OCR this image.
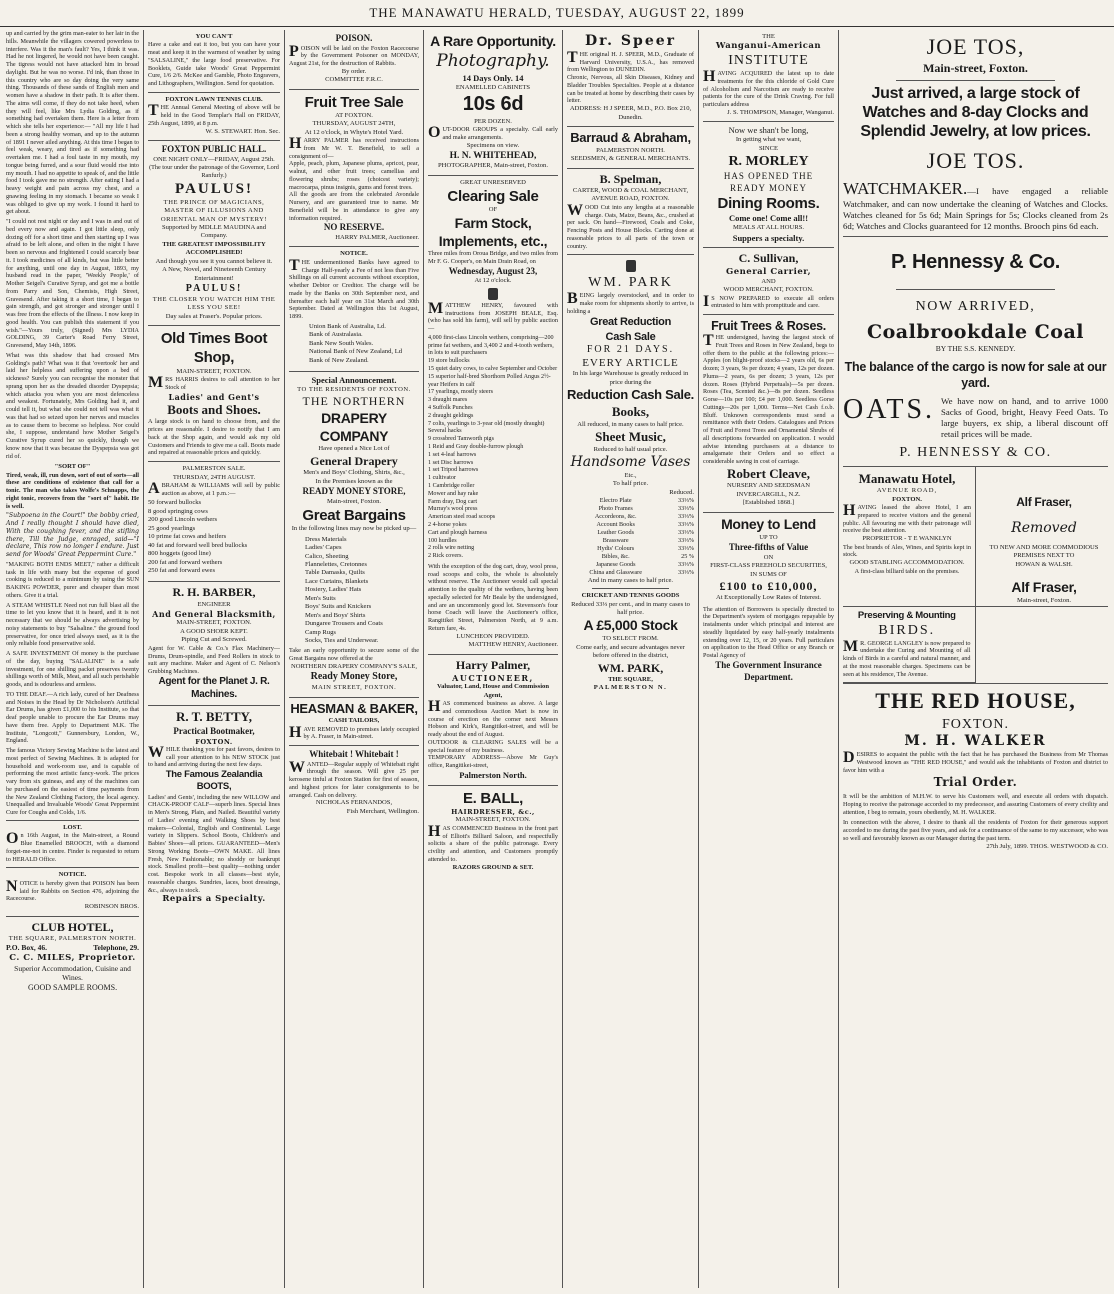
THE MANAWATU HERALD, TUESDAY, AUGUST 22, 1899
up and carried by the grim man-eater to her lair in the hills. Meanwhile the villagers cowered powerless to interfere. Was it the man's fault? Yes, I think it was. Had he not lingered, he would not have been caught. The tigress would not have attacked him in broad daylight. But he was no worse. I'd ink, than those in this country who are so day doing the very same thing. Thousands of these sands of English men and women have a shadow in their path. It is after them. The aims will come, if they do not take heed, when they will feel, like Mrs Lydia Golding, as if something had overtaken them. Here is a letter from which she tells her experience:— "All my life I had been a strong healthy woman, and up to the autumn of 1891 I never ailed anything. At this time I began to feel weak, weary, and tired as if something had overtaken me. I had a foul taste in my mouth, my tongue being furred, and a sour fluid would rise into my mouth. I had no appetite to speak of, and the little food I took gave me no strength. After eating I had a heavy weight and pain across my chest, and a gnawing feeling in my stomach. I became so weak I was obliged to give up my work. I found it hard to get about.
"I could not rest night or day and I was in and out of bed every now and again. I got little sleep, only dozing off for a short time and then starting up I was afraid to be left alone, and often in the night I have been so nervous and frightened I could scarcely bear it. I took medicines of all kinds, but was little better for anything, until one day in August, 1893, my husband read in the paper, 'Weekly People,' of Mother Seigel's Curative Syrup, and got me a bottle from Parry and Son, Chemists, High Street, Gravesend. After taking it a short time, I began to gain strength, and got stronger and stronger until I was free from the effects of the illness. I now keep in good health. You can publish this statement if you wish."—Yours truly, (Signed) Mrs LYDIA GOLDING, 39 Carter's Road Ferry Street, Gravesend, May 14th, 1896.
What was this shadow that had crossed Mrs Golding's path? What was it that 'overtook' her and laid her helpless and suffering upon a bed of sickness? Surely you can recognise the monster that sprang upon her as the dreaded disorder Dyspepsia; which attacks you when you are most defenceless and weakest. Fortunately, Mrs Golding had it, and could tell it, but what she could not tell was what it was that had so seized upon her nerves and muscles as to cause them to become so helpless. Nor could she, I suppose, understand how Mother Seigel's Curative Syrup cured her so quickly, though we know now that it was because the Dyspepsia was got rid of.
"SORT OF"
Tired, weak, ill, run down, sort of out of sorts—all these are conditions of existence that call for a tonic. The man who takes Wolfe's Schnapps, the right tonic, recovers from the "sort of" habit. He is well.
"Subpoena in the Court!" the bobby cried, And I really thought I should have died, With the coughing fever, and the stifling there, Till the Judge, enraged, said—"I declare, This row no longer I endure. Just send for Woods' Great Peppermint Cure."
"MAKING BOTH ENDS MEET," rather a difficult task in life with many but the expense of good cooking is reduced to a minimum by using the SUN BAKING POWDER, purer and cheaper than most others. Give it a trial.
A STEAM WHISTLE Need not run full blast all the time to let you know that it is heard, and it is not necessary that we should be always advertising by noisy statements to buy "Salsaline." the ground food preservative, for once tried always used, as it is the only reliable food preservative sold.
A SAFE INVESTMENT Of money is the purchase of the day, buying "SALALINE" is a safe investment, for one shilling packet preserves twenty shillings worth of Milk, Meat, and all such perishable goods, and is odourless and armless.
TO THE DEAF.—A rich lady, cured of her Deafness and Noises in the Head by Dr Nicholson's Artificial Ear Drums, has given £1,000 to his Institute, so that deaf people unable to procure the Ear Drums may have them free. Apply to Department M.K. The Institute, "Longcott," Gunnersbury, London, W., England.
The famous Victory Sewing Machine is the latest and most perfect of Sewing Machines. It is adapted for household and work-room use, and is capable of performing the most artistic fancy-work. The prices vary from six guineas, and any of the machines can be purchased on the easiest of time payments from the New Zealand Clothing Factory, the local agency. Unequalled and Invaluable Woods' Great Peppermint Cure for Coughs and Colds, 1/6.
LOST.
On 16th August, in the Main-street, a Round Blue Enamelled BROOCH, with a diamond forget-me-not in centre. Finder is requested to return to HERALD Office.
NOTICE.
NOTICE is hereby given that POISON has been laid for Rabbits on Section 476, adjoining the Racecourse.
ROBINSON BROS.
CLUB HOTEL,
THE SQUARE, PALMERSTON NORTH.
P.O. Box, 46.	Telephone, 29.
C. C. MILES, Proprietor.
Superior Accommodation, Cuisine and Wines.
GOOD SAMPLE ROOMS.
YOU CAN'T
Have a cake and eat it too, but you can have your meat and keep it in the warmest of weather by using "SALSALINE," the large food preservative. For Booklets, Guide take Woods' Great Peppermint Cure, 1/6 2/6. McKee and Gamble, Photo Engravers, and Lithographers, Wellington. Send for quotation.
FOXTON LAWN TENNIS CLUB.
THE Annual General Meeting of above will be held in the Good Templar's Hall on FRIDAY, 25th August, 1899, at 8 p.m.
W. S. STEWART. Hon. Sec.
FOXTON PUBLIC HALL.
ONE NIGHT ONLY—FRIDAY, August 25th.
(The tour under the patronage of the Governor, Lord Ranfurly.)
PAULUS!
THE PRINCE OF MAGICIANS, MASTER OF ILLUSIONS AND ORIENTAL MAN OF MYSTERY!
Supported by MDLLE MAUDINA and Company.
THE GREATEST IMPOSSIBILITY ACCOMPLISHED!
And though you see it you cannot believe it.
A New, Novel, and Nineteenth Century Entertainment!
PAULUS!
THE CLOSER YOU WATCH HIM THE LESS YOU SEE!
Day sales at Fraser's. Popular prices.
Old Times Boot Shop,
MAIN-STREET, FOXTON.
MRS HARRIS desires to call attention to her Stock of
Ladies' and Gent's
Boots and Shoes.
A large stock is on hand to choose from, and the prices are reasonable. I desire to notify that I am back at the Shop again, and would ask my old Customers and Friends to give me a call. Boots made and repaired at reasonable prices and quickly.
PALMERSTON SALE.
THURSDAY, 24TH AUGUST.
ABRAHAM & WILLIAMS will sell by public auction as above, at 1 p.m.:—
50 forward bullocks
8 good springing cows
200 good Lincoln wethers
25 good yearlings
10 prime fat cows and heifers
40 fat and forward well bred bullocks
800 hoggets (good line)
200 fat and forward wethers
250 fat and forward ewes
R. H. BARBER,
ENGINEER
And General Blacksmith,
MAIN-STREET, FOXTON.
A GOOD SHOER KEPT.
Piping Cut and Screwed.
Agent for W. Cable & Co.'s Flax Machinery—Drums, Drum-spindle, and Feed Rollers in stock to suit any machine. Maker and Agent of C. Nelson's Grubbing Machines.
Agent for the Planet J. R. Machines.
R. T. BETTY,
Practical Bootmaker,
FOXTON.
WHILE thanking you for past favors, desires to call your attention to his NEW STOCK just to hand and arriving during the next few days.
The Famous Zealandia BOOTS,
Ladies' and Gents', including the new WILLOW and CHACK-PROOF CALF—superb lines. Special lines in Men's Strong, Plain, and Nailed. Beautiful variety of Ladies' evening and Walking Shoes by best makers—Colonial, English and Continental. Large variety in Slippers. School Boots, Children's and Babies' Shoes—all prices. GUARANTEED—Men's Strong Working Boots—OWN MAKE. All lines Fresh, New Fashionable; no shoddy or bankrupt stock. Smallest profit—best quality—nothing under cost. Bespoke work in all classes—best style, reasonable charges. Sundries, laces, boot dressings, &c., always in stock.
Repairs a Specialty.
POISON.
POISON will be laid on the Foxton Racecourse by the Government Poisoner on MONDAY, August 21st, for the destruction of Rabbits.
By order.
COMMITTEE F.R.C.
Fruit Tree Sale
AT FOXTON.
THURSDAY, AUGUST 24TH,
At 12 o'clock, in Whyte's Hotel Yard.
HARRY PALMER has received instructions from Mr W. T. Benefield, to sell a consignment of—
Apple, peach, plum, Japanese plums, apricot, pear, walnut, and other fruit trees; camellias and flowering shrubs; roses (choicest variety); macrocarpa, pinus insignis, gums and forest trees.
All the goods are from the celebrated Avondale Nursery, and are guaranteed true to name. Mr Benefield will be in attendance to give any information required.
NO RESERVE.
HARRY PALMER, Auctioneer.
NOTICE.
THE undermentioned Banks have agreed to Charge Half-yearly a Fee of not less than Five Shillings on all current accounts without exception, whether Debtor or Creditor. The charge will be made by the Banks on 30th September next, and thereafter each half year on 31st March and 30th September. Dated at Wellington this 1st August, 1899.
Union Bank of Australia, Ld.
Bank of Australasia.
Bank New South Wales.
National Bank of New Zealand, Ld
Bank of New Zealand.
Special Announcement.
TO THE RESIDENTS OF FOXTON.
THE NORTHERN
DRAPERY COMPANY
Have opened a Nice Lot of
General Drapery
Men's and Boys' Clothing, Shirts, &c.,
In the Premises known as the
READY MONEY STORE,
Main-street, Foxton.
Great Bargains
In the following lines may now be picked up—
Dress Materials
Ladies' Capes
Calico, Sheeting
Flannelettes, Cretonnes
Table Damasks, Quilts
Lace Curtains, Blankets
Hosiery, Ladies' Hats
Men's Suits
Boys' Suits and Knickers
Men's and Boys' Shirts
Dungaree Trousers and Coats
Camp Rugs
Socks, Ties and Underwear.
Take an early opportunity to secure some of the Great Bargains now offered at the
NORTHERN DRAPERY COMPANY'S SALE,
Ready Money Store,
MAIN STREET, FOXTON.
HEASMAN & BAKER,
CASH TAILORS,
HAVE REMOVED to premises lately occupied by A. Fraser, in Main-street.
Whitebait ! Whitebait !
WANTED—Regular supply of Whitebait right through the season. Will give 25 per kerosene tinful at Foxton Station for first of season, and highest prices for later consignments to be arranged. Cash on delivery.
NICHOLAS FERNANDOS,
Fish Merchant, Wellington.
A Rare Opportunity.
Photography.
14 Days Only. 14
ENAMELLED CABINETS
10s 6d
PER DOZEN.
OUT-DOOR GROUPS a specialty. Call early and make arrangements.
Specimens on view.
H. N. WHITEHEAD,
PHOTOGRAPHER, Main-street, Foxton.
GREAT UNRESERVED
Clearing Sale
OF
Farm Stock, Implements, etc.,
Three miles from Oroua Bridge, and two miles from Mr F. G. Cooper's, on Main Drain Road, on
Wednesday, August 23,
At 12 o'clock.
MATTHEW HENRY, favoured with instructions from JOSEPH BEALE, Esq. (who has sold his farm), will sell by public auction—
4,000 first-class Lincoln wethers, comprising—200 prime fat wethers, and 3,400 2 and 4-tooth wethers, in lots to suit purchasers
19 store bullocks
15 quiet dairy cows, to calve September and October
15 superior half-bred Shorthorn Polled Angus 2½-year Heifers in calf
17 yearlings, mostly steers
3 draught mares
4 Suffolk Punches
2 draught geldings
7 colts, yearlings to 3-year old (mostly draught)
Several hacks
9 crossbred Tamworth pigs
1 Reid and Gray double-furrow plough
1 set 4-leaf harrows
1 set Disc harrows
1 set Tripod harrows
1 cultivator
1 Cambridge roller
Mower and hay rake
Farm dray, Dog cart
Murray's wool press
American steel road scoops
2 4-horse yokes
Cart and plough harness
100 hurdles
2 rolls wire netting
2 Rick covers.
With the exception of the dog cart, dray, wool press, road scoops and colts, the whole is absolutely without reserve. The Auctioneer would call special attention to the quality of the wethers, having been specially selected for Mr Beale by the undersigned, and are an uncommonly good lot. Stevenson's four horse Coach will leave the Auctioneer's office, Rangitikei Street, Palmerston North, at 9 a.m. Return fare, 4s.
LUNCHEON PROVIDED.
MATTHEW HENRY, Auctioneer.
Harry Palmer,
AUCTIONEER,
Valuator, Land, House and Commission Agent,
HAS commenced business as above. A large and commodious Auction Mart is now in course of erection on the corner next Messrs Hobson and Kirk's, Rangitikei-street, and will be ready about the end of August.
OUTDOOR & CLEARING SALES will be a special feature of my business.
TEMPORARY ADDRESS—Above Mr Guy's office, Rangitikei-street,
Palmerston North.
E. BALL,
HAIRDRESSER, &c.,
MAIN-STREET, FOXTON.
HAS COMMENCED Business in the front part of Elliott's Billiard Saloon, and respectfully solicits a share of the public patronage. Every civility and attention, and Customers promptly attended to.
RAZORS GROUND & SET.
Dr. Speer
THE original H. J. SPEER, M.D., Graduate of Harvard University, U.S.A., has removed from Wellington to DUNEDIN.
Chronic, Nervous, all Skin Diseases, Kidney and Bladder Troubles Specialties. People at a distance can be treated at home by describing their cases by letter.
ADDRESS: H J SPEER, M.D., P.O. Box 210, Dunedin.
Barraud & Abraham,
PALMERSTON NORTH.
SEEDSMEN, & GENERAL MERCHANTS.
B. Spelman,
CARTER, WOOD & COAL MERCHANT,
AVENUE ROAD, FOXTON.
WOOD Cut into any lengths at a reasonable charge. Oats, Maize, Beans, &c., crushed at per sack. On hand—Firewood, Coals and Coke, Fencing Posts and House Blocks. Carting done at reasonable prices to all parts of the town or country.
WM. PARK
BEING largely overstocked, and in order to make room for shipments shortly to arrive, is holding a
Great Reduction
Cash Sale
FOR 21 DAYS.
EVERY ARTICLE
In his large Warehouse is greatly reduced in price during the
Reduction Cash Sale.
Books,
All reduced, in many cases to half price.
Sheet Music,
Reduced to half usual price.
Handsome Vases
Etc.,
To half price.
Reduced.
Electro Plate	33⅓%
Photo Frames	33⅓%
Accordeons, &c.	33⅓%
Account Books	33⅓%
Leather Goods	33⅓%
Brassware	33⅓%
Hydis' Colours	33⅓%
Bibles, &c.	25 %
Japanese Goods	33⅓%
China and Glassware	33⅓%
And in many cases to half price.
CRICKET AND TENNIS GOODS
Reduced 33⅓ per cent., and in many cases to half price.
A £5,000 Stock
TO SELECT FROM.
Come early, and secure advantages never before offered in the district,
WM. PARK,
THE SQUARE,
PALMERSTON N.
THE
Wanganui-American
INSTITUTE
HAVING ACQUIRED the latest up to date treatments for the this chloride of Gold Cure of Alcoholism and Narcotism are ready to receive patients for the cure of the Drink Craving. For full particulars address
J. S. THOMPSON, Manager, Wanganui.
Now we shan't be long,
In getting what we want,
SINCE
R. MORLEY
HAS OPENED THE
READY MONEY
Dining Rooms.
Come one! Come all!!
MEALS AT ALL HOURS.
Suppers a specialty.
C. Sullivan,
General Carrier,
AND
WOOD MERCHANT, FOXTON.
IS NOW PREPARED to execute all orders entrusted to him with promptitude and care.
Fruit Trees & Roses.
THE undersigned, having the largest stock of Fruit Trees and Roses in New Zealand, begs to offer them to the public at the following prices:— Apples (on blight-proof stocks—2 years old, 6s per dozen; 3 years, 9s per dozen; 4 years, 12s per dozen. Plums—2 years, 6s per dozen; 3 years, 12s per dozen. Roses (Hybrid Perpetuals)—5s per dozen. Roses (Tea, Scented &c.)—8s per dozen. Seedless Gorse—10s per 100; £4 per 1,000. Seedless Gorse Cuttings—20s per 1,000. Terms—Net Cash f.o.b. Bluff. Unknown correspondents must send a remittance with their Orders. Catalogues and Prices of Fruit and Forest Trees and Ornamental Shrubs of all descriptions forwarded on application. I would advise intending purchasers at a distance to amalgamate their Orders and so effect a considerable saving in cost of carriage.
Robert Cleave,
NURSERY AND SEEDSMAN
INVERCARGILL, N.Z.
[Established 1868.]
Money to Lend
UP TO
Three-fifths of Value
ON
FIRST-CLASS FREEHOLD SECURITIES,
IN SUMS OF
£100 to £10,000,
At Exceptionally Low Rates of Interest.
The attention of Borrowers is specially directed to the Department's system of mortgages repayable by instalments under which principal and interest are steadily liquidated by easy half-yearly instalments extending over 12, 15, or 20 years. Full particulars on application to the Head Office or any Branch or Postal Agency of
The Government Insurance Department.
JOE TOS,
Main-street, Foxton.
Just arrived, a large stock of Watches and 8-day Clocks and Splendid Jewelry, at low prices.
JOE TOS.
WATCHMAKER.—I have engaged a reliable Watchmaker, and can now undertake the cleaning of Watches and Clocks. Watches cleaned for 5s 6d; Main Springs for 5s; Clocks cleaned from 2s 6d; Watches and Clocks guaranteed for 12 months. Brooch pins 6d each.
P. Hennessy & Co.
NOW ARRIVED,
Coalbrookdale Coal
BY THE S.S. KENNEDY.
The balance of the cargo is now for sale at our yard.
OATS. We have now on hand, and to arrive 1000 Sacks of Good, bright, Heavy Feed Oats. To large buyers, ex ship, a liberal discount off retail prices will be made.
P. HENNESSY & CO.
Manawatu Hotel,
AVENUE ROAD,
FOXTON.
HAVING leased the above Hotel, I am prepared to receive visitors and the general public. All favouring me with their patronage will receive the best attention.
PROPRIETOR - T E WANKLYN
The best brands of Ales, Wines, and Spirits kept in stock.
GOOD STABLING ACCOMMODATION.
A first-class billiard table on the premises.
Alf Fraser,
Removed
TO NEW AND MORE COMMODIOUS PREMISES NEXT TO
HOWAN & WALSH.
Alf Fraser,
Main-street, Foxton.
Preserving & Mounting
BIRDS.
MR. GEORGE LANGLEY is now prepared to undertake the Curing and Mounting of all kinds of Birds in a careful and natural manner, and at the most reasonable charges. Specimens can be seen at his residence, The Avenue.
THE RED HOUSE,
FOXTON.
M. H. WALKER
DESIRES to acquaint the public with the fact that he has purchased the Business from Mr Thomas Westwood known as "THE RED HOUSE," and would ask the inhabitants of Foxton and district to favor him with a
Trial Order.
It will be the ambition of M.H.W. to serve his Customers well, and execute all orders with dispatch. Hoping to receive the patronage accorded to my predecessor, and assuring Customers of every civility and attention, I beg to remain, yours obediently, M. H. WALKER.
In connection with the above, I desire to thank all the residents of Foxton for their generous support accorded to me during the past five years, and ask for a continuance of the same to my successor, who was so well and favourably known as our Manager during the past term.
27th July, 1899. THOS. WESTWOOD & CO.
